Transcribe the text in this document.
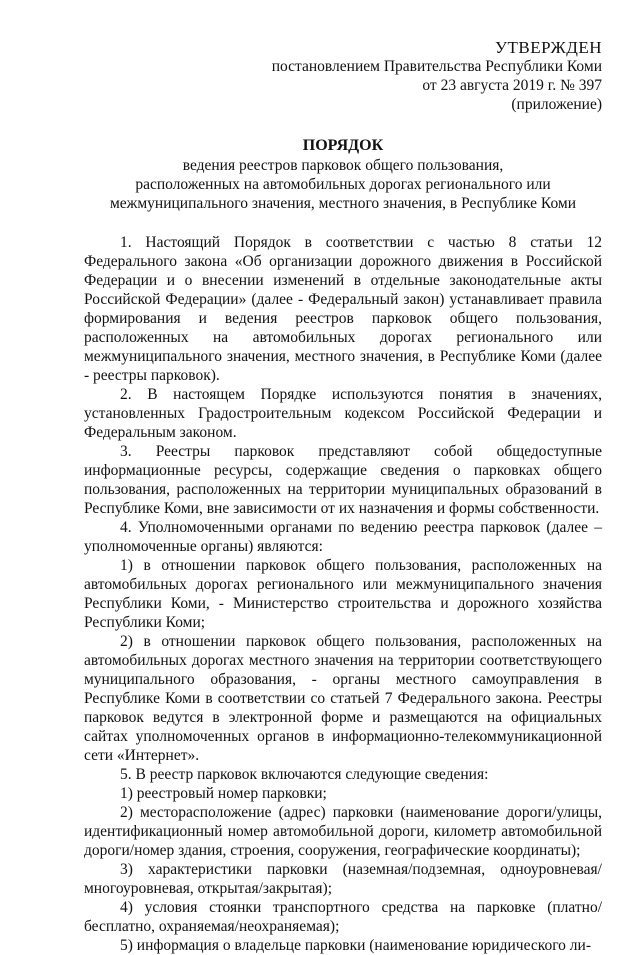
УТВЕРЖДЕН
постановлением Правительства Республики Коми
от 23 августа 2019 г. № 397
(приложение)
ПОРЯДОК
ведения реестров парковок общего пользования,
расположенных на автомобильных дорогах регионального или
межмуниципального значения, местного значения, в Республике Коми

1. Настоящий Порядок в соответствии с частью 8 статьи 12 Федерального закона «Об организации дорожного движения в Российской Федерации и о внесении изменений в отдельные законодательные акты Российской Федерации» (далее - Федеральный закон) устанавливает правила формирования и ведения реестров парковок общего пользования, расположенных на автомобильных дорогах регионального или межмуниципального значения, местного значения, в Республике Коми (далее - реестры парковок).

2. В настоящем Порядке используются понятия в значениях, установленных Градостроительным кодексом Российской Федерации и Федеральным законом.

3. Реестры парковок представляют собой общедоступные информационные ресурсы, содержащие сведения о парковках общего пользования, расположенных на территории муниципальных образований в Республике Коми, вне зависимости от их назначения и формы собственности.

4. Уполномоченными органами по ведению реестра парковок (далее – уполномоченные органы) являются:

1) в отношении парковок общего пользования, расположенных на автомобильных дорогах регионального или межмуниципального значения Республики Коми, - Министерство строительства и дорожного хозяйства Республики Коми;

2) в отношении парковок общего пользования, расположенных на автомобильных дорогах местного значения на территории соответствующего муниципального образования, - органы местного самоуправления в Республике Коми в соответствии со статьей 7 Федерального закона. Реестры парковок ведутся в электронной форме и размещаются на официальных сайтах уполномоченных органов в информационно-телекоммуникационной сети «Интернет».

5. В реестр парковок включаются следующие сведения:

1) реестровый номер парковки;

2) месторасположение (адрес) парковки (наименование дороги/улицы, идентификационный номер автомобильной дороги, километр автомобильной дороги/номер здания, строения, сооружения, географические координаты);

3) характеристики парковки (наземная/подземная, одноуровневая/многоуровневая, открытая/закрытая);

4) условия стоянки транспортного средства на парковке (платно/бесплатно, охраняемая/неохраняемая);

5) информация о владельце парковки (наименование юридического ли-
